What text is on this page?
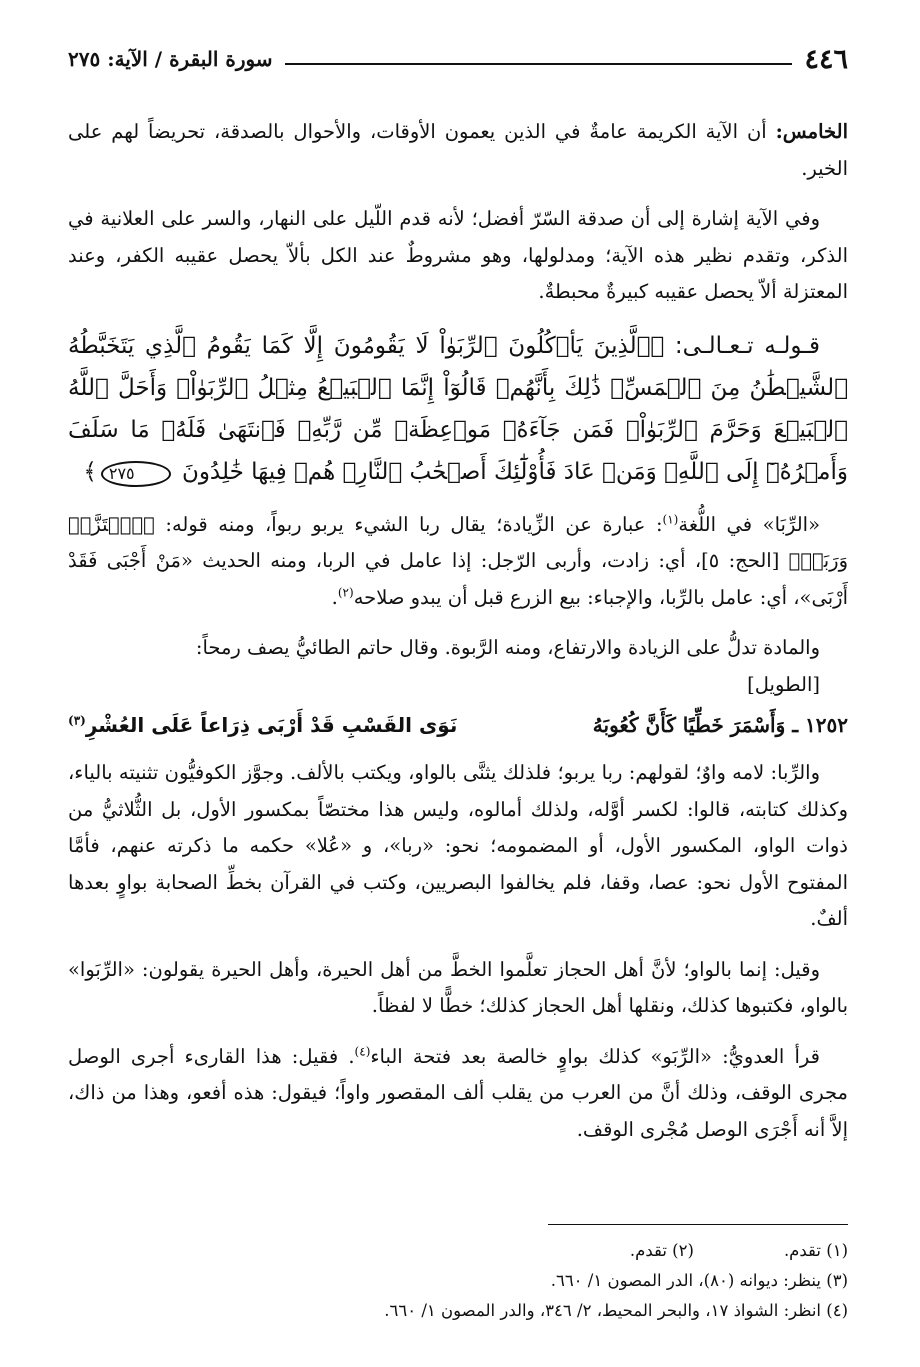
٤٤٦
سورة البقرة / الآية: ٢٧٥

الخامس: أن الآية الكريمة عامةٌ في الذين يعمون الأوقات، والأحوال بالصدقة، تحريضاً لهم على الخير.

وفي الآية إشارة إلى أن صدقة السّرّ أفضل؛ لأنه قدم اللّيل على النهار، والسر على العلانية في الذكر، وتقدم نظير هذه الآية؛ ومدلولها، وهو مشروطٌ عند الكل بألاّ يحصل عقيبه الكفر، وعند المعتزلة ألاّ يحصل عقيبه كبيرةٌ محبطةٌ.

قـولـه تـعـالـى: ﴿ٱلَّذِينَ يَأۡكُلُونَ ٱلرِّبَوٰاْ لَا يَقُومُونَ إِلَّا كَمَا يَقُومُ ٱلَّذِي يَتَخَبَّطُهُ ٱلشَّيۡطَٰنُ مِنَ ٱلۡمَسِّۚ ذَٰلِكَ بِأَنَّهُمۡ قَالُوٓاْ إِنَّمَا ٱلۡبَيۡعُ مِثۡلُ ٱلرِّبَوٰاْۗ وَأَحَلَّ ٱللَّهُ ٱلۡبَيۡعَ وَحَرَّمَ ٱلرِّبَوٰاْۚ فَمَن جَآءَهُۥ مَوۡعِظَةٞ مِّن رَّبِّهِۦ فَٱنتَهَىٰ فَلَهُۥ مَا سَلَفَ وَأَمۡرُهُۥٓ إِلَى ٱللَّهِۖ وَمَنۡ عَادَ فَأُوْلَٰٓئِكَ أَصۡحَٰبُ ٱلنَّارِۖ هُمۡ فِيهَا خَٰلِدُونَ ٢٧٥﴾

«الرِّبَا» في اللُّغة$^{(١)}$: عبارة عن الزِّيادة؛ يقال ربا الشيء يربو ربواً، ومنه قوله: ﴿ٱهۡتَزَّتۡ وَرَبَتۡ﴾ [الحج: ٥]، أي: زادت، وأربى الرّجل: إذا عامل في الربا، ومنه الحديث «مَنْ أَجْبَى فَقَدْ أَرْبَى»، أي: عامل بالرِّبا، والإجباء: بيع الزرع قبل أن يبدو صلاحه$^{(٢)}$.

والمادة تدلُّ على الزيادة والارتفاع، ومنه الرَّبوة. وقال حاتم الطائيُّ يصف رمحاً:
[الطويل]

١٢٥٢ ـ وَأَسْمَرَ خَطِّيًا كَأَنَّ كُعُوبَهُ
نَوَى القَسْبِ قَدْ أَرْبَى ذِرَاعاً عَلَى العُشْرِ$^{(٣)}$

والرِّبا: لامه واوٌ؛ لقولهم: ربا يربو؛ فلذلك يثنَّى بالواو، ويكتب بالألف. وجوَّز الكوفيُّون تثنيته بالياء، وكذلك كتابته، قالوا: لكسر أوَّله، ولذلك أمالوه، وليس هذا مختصّاً بمكسور الأول، بل الثُّلاثيُّ من ذوات الواو، المكسور الأول، أو المضمومه؛ نحو: «ربا»، و «عُلا» حكمه ما ذكرته عنهم، فأمَّا المفتوح الأول نحو: عصا، وقفا، فلم يخالفوا البصريين، وكتب في القرآن بخطِّ الصحابة بواوٍ بعدها ألفٌ.

وقيل: إنما بالواو؛ لأنَّ أهل الحجاز تعلَّموا الخطَّ من أهل الحيرة، وأهل الحيرة يقولون: «الرِّبَوا» بالواو، فكتبوها كذلك، ونقلها أهل الحجاز كذلك؛ خطًّا لا لفظاً.

قرأ العدويُّ: «الرِّبَو» كذلك بواوٍ خالصة بعد فتحة الباء$^{(٤)}$. فقيل: هذا القارىء أجرى الوصل مجرى الوقف، وذلك أنَّ من العرب من يقلب ألف المقصور واواً؛ فيقول: هذه أفعو، وهذا من ذاك، إلاَّ أنه أَجْرَى الوصل مُجْرى الوقف.

(١) تقدم.
(٢) تقدم.
(٣) ينظر: ديوانه (٨٠)، الدر المصون ١/ ٦٦٠.
(٤) انظر: الشواذ ١٧، والبحر المحيط، ٢/ ٣٤٦، والدر المصون ١/ ٦٦٠.
